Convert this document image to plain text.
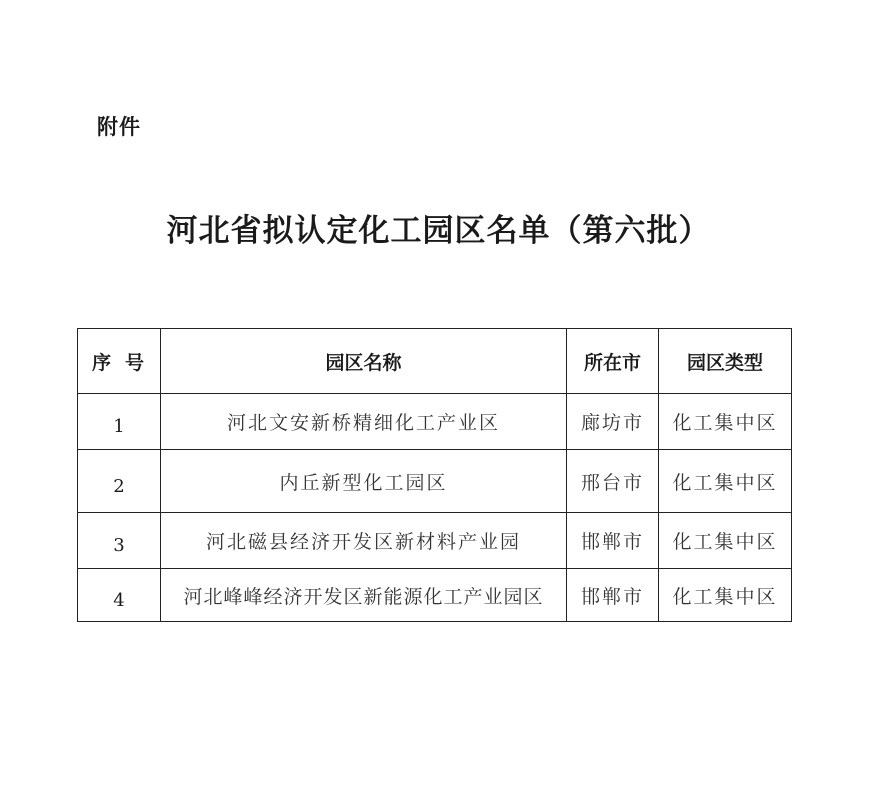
附件
河北省拟认定化工园区名单（第六批）
序号	园区名称	所在市	园区类型
1	河北文安新桥精细化工产业区	廊坊市	化工集中区
2	内丘新型化工园区	邢台市	化工集中区
3	河北磁县经济开发区新材料产业园	邯郸市	化工集中区
4	河北峰峰经济开发区新能源化工产业园区	邯郸市	化工集中区
